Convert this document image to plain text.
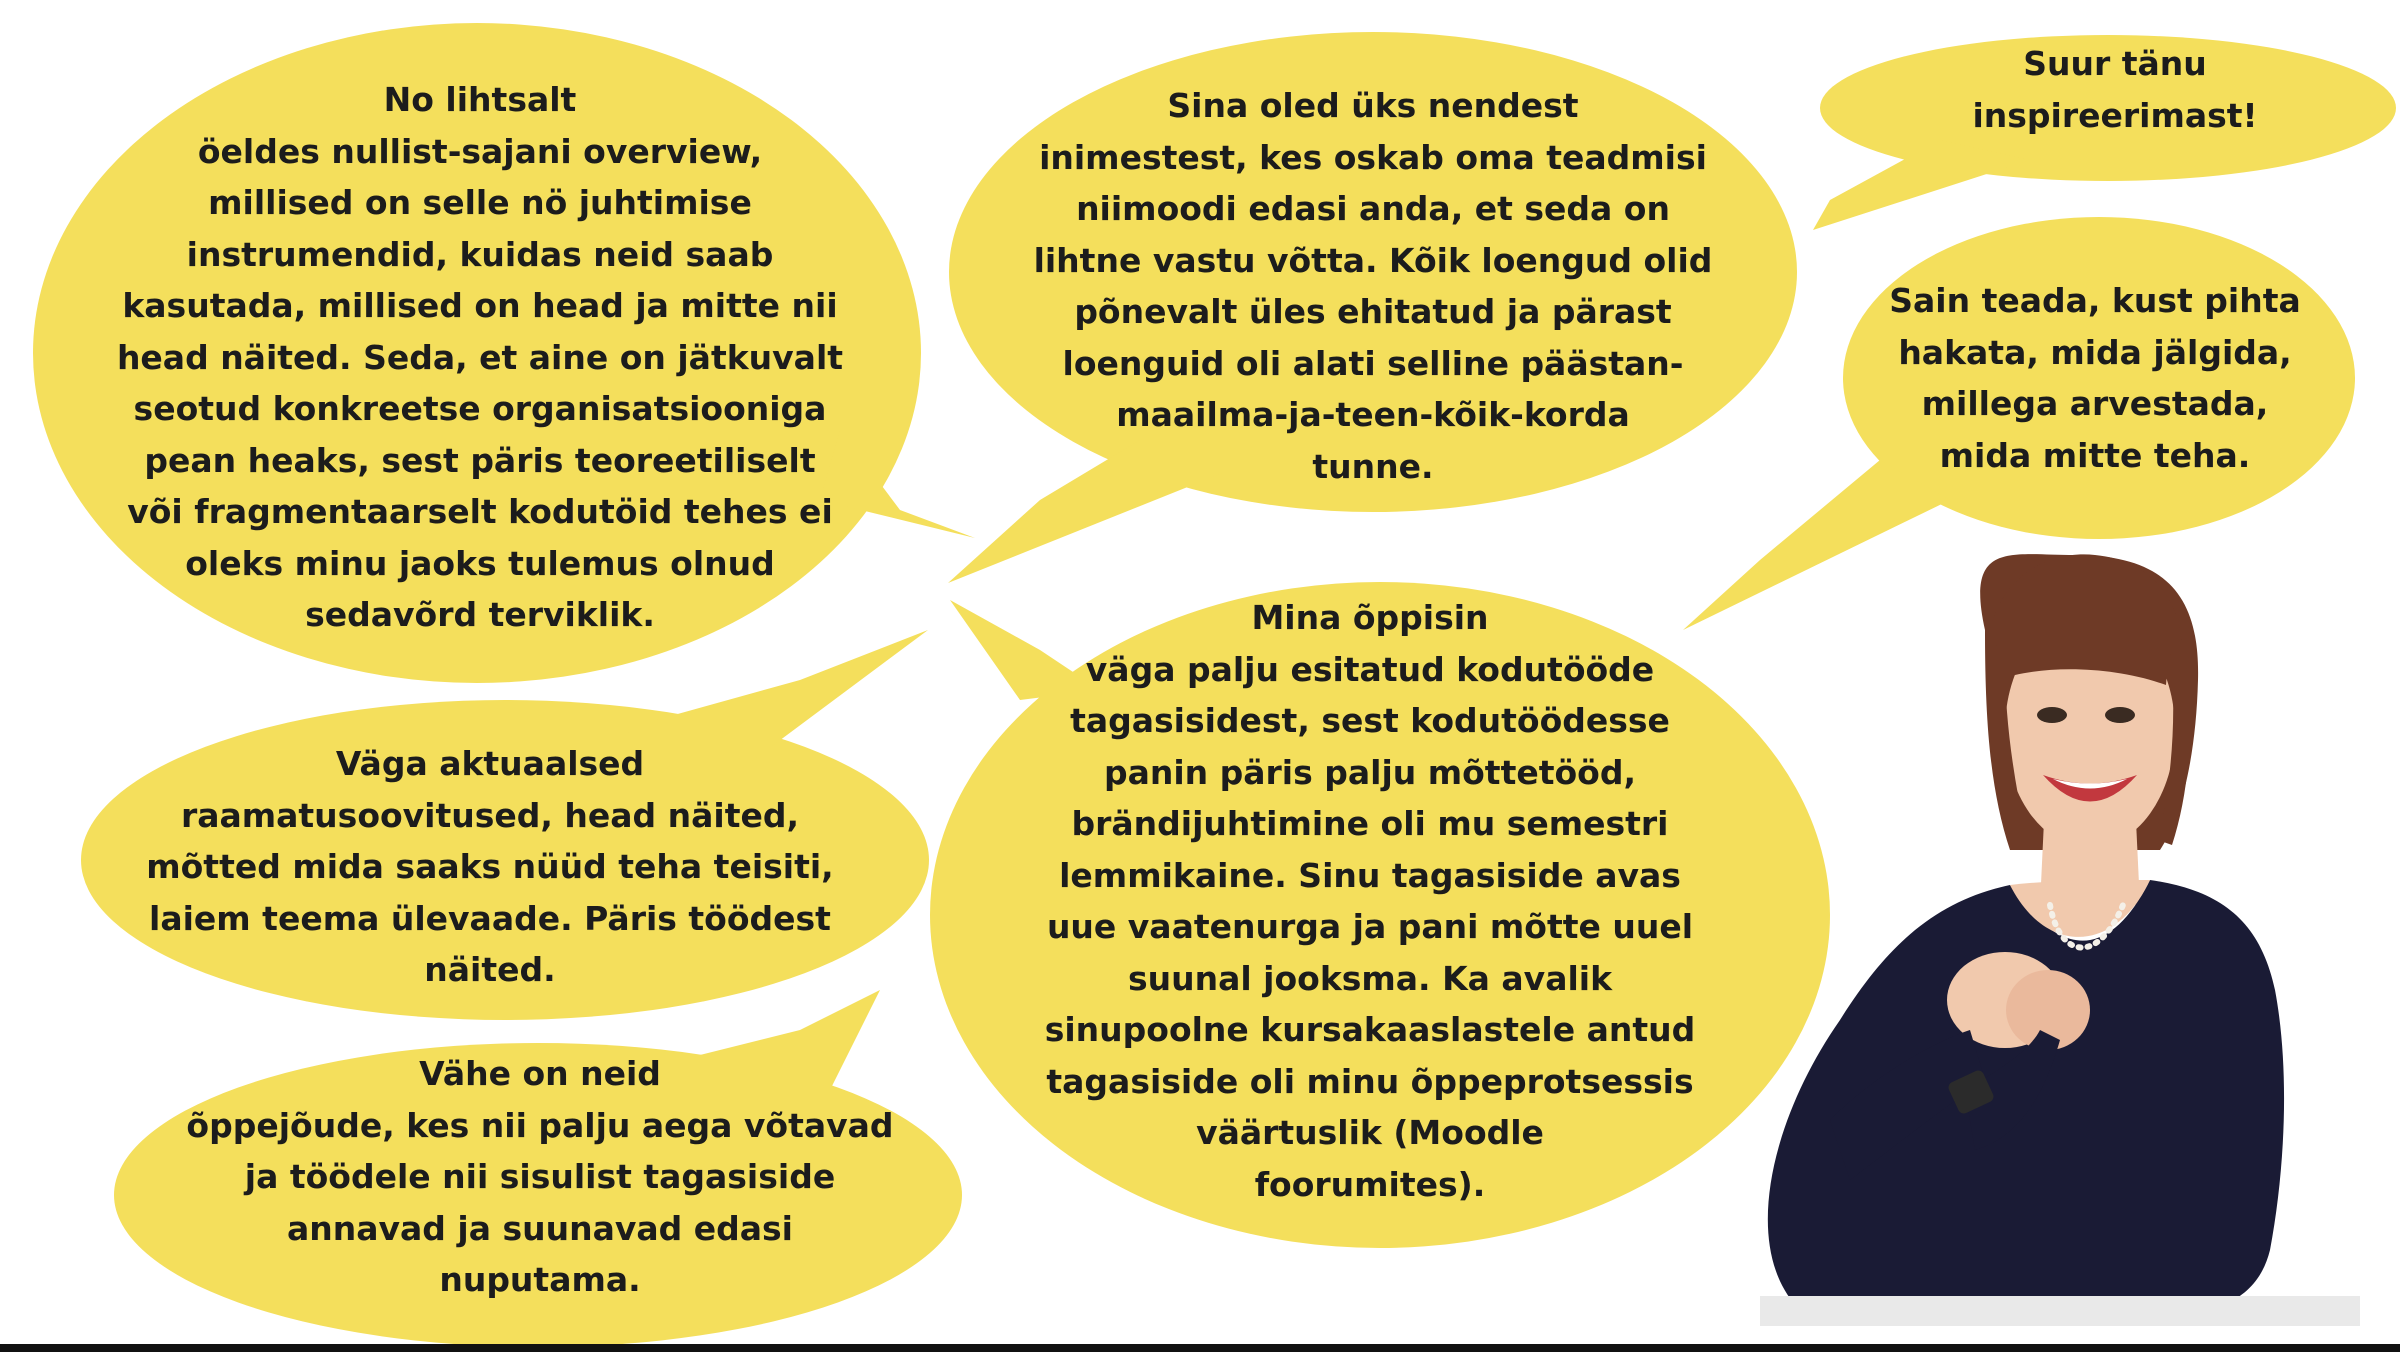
No lihtsalt
öeldes nullist-sajani overview,
millised on selle nö juhtimise
instrumendid, kuidas neid saab
kasutada, millised on head ja mitte nii
head näited. Seda, et aine on jätkuvalt
seotud konkreetse organisatsiooniga
pean heaks, sest päris teoreetiliselt
või fragmentaarselt kodutöid tehes ei
oleks minu jaoks tulemus olnud
sedavõrd terviklik.

Sina oled üks nendest
inimestest, kes oskab oma teadmisi
niimoodi edasi anda, et seda on
lihtne vastu võtta. Kõik loengud olid
põnevalt üles ehitatud ja pärast
loenguid oli alati selline päästan-
maailma-ja-teen-kõik-korda
tunne.

Suur tänu
inspireerimast!

Sain teada, kust pihta
hakata, mida jälgida,
millega arvestada,
mida mitte teha.

Väga aktuaalsed
raamatusoovitused, head näited,
mõtted mida saaks nüüd teha teisiti,
laiem teema ülevaade. Päris töödest
näited.

Mina õppisin
väga palju esitatud kodutööde
tagasisidest, sest kodutöödesse
panin päris palju mõttetööd,
brändijuhtimine oli mu semestri
lemmikaine. Sinu tagasiside avas
uue vaatenurga ja pani mõtte uuel
suunal jooksma. Ka avalik
sinupoolne kursakaaslastele antud
tagasiside oli minu õppeprotsessis
väärtuslik (Moodle
foorumites).

Vähe on neid
õppejõude, kes nii palju aega võtavad
ja töödele nii sisulist tagasiside
annavad ja suunavad edasi
nuputama.
